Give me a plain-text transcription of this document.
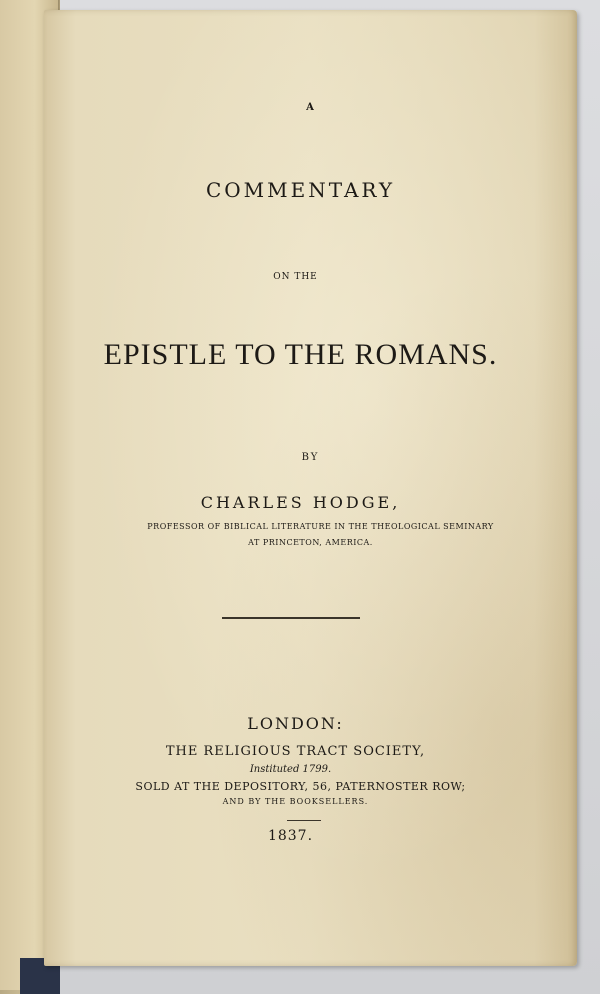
A
COMMENTARY
ON THE
EPISTLE TO THE ROMANS.
BY
CHARLES HODGE,
PROFESSOR OF BIBLICAL LITERATURE IN THE THEOLOGICAL SEMINARY
AT PRINCETON, AMERICA.
LONDON:
THE RELIGIOUS TRACT SOCIETY,
Instituted 1799.
SOLD AT THE DEPOSITORY, 56, PATERNOSTER ROW;
AND BY THE BOOKSELLERS.
1837.
